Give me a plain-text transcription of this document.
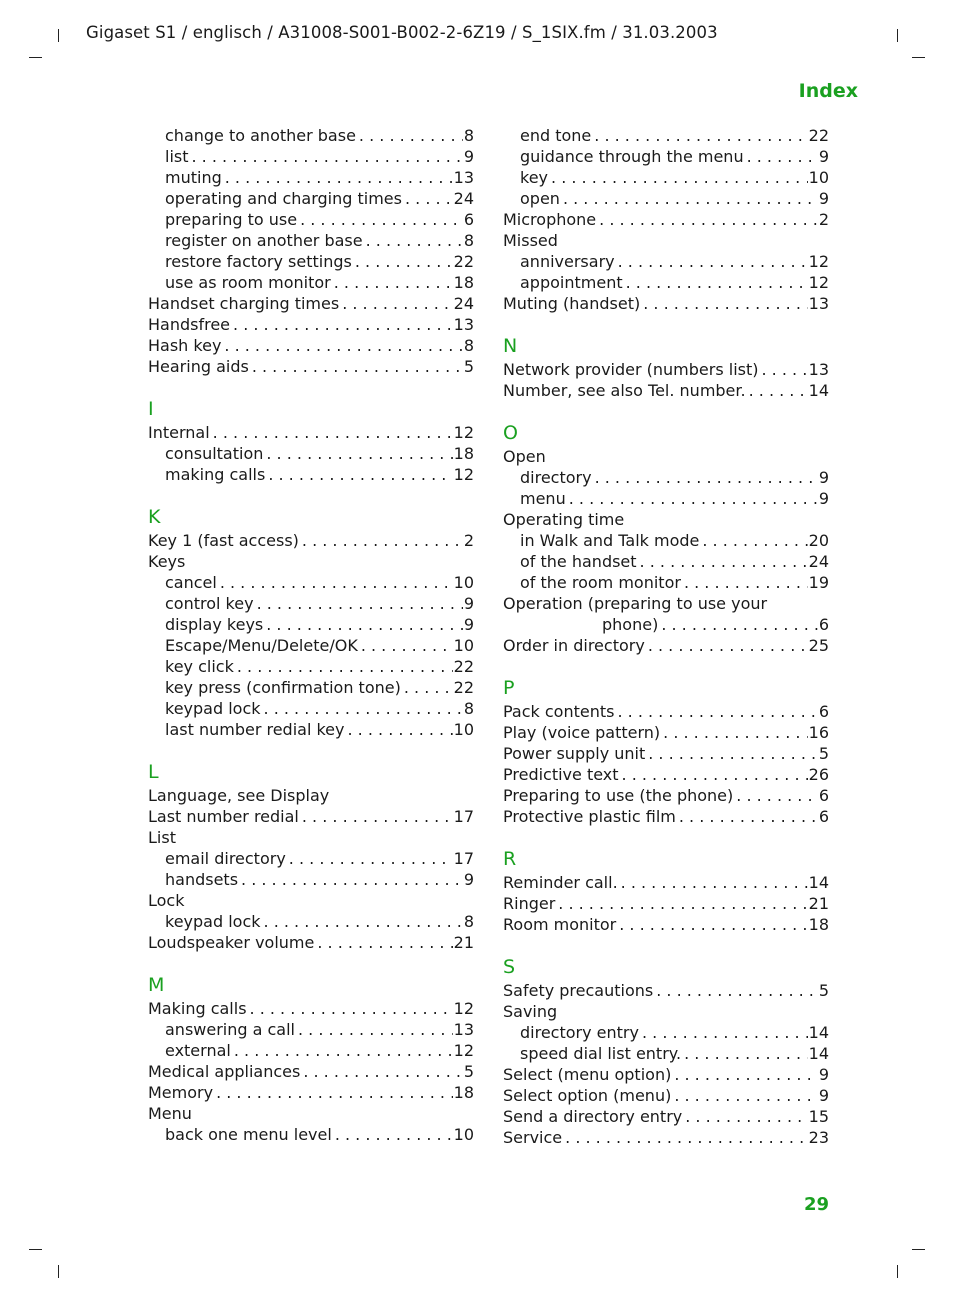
Gigaset S1 / englisch / A31008-S001-B002-2-6Z19 / S_1SIX.fm / 31.03.2003
Index
change to another base . . .	8
list . . .	9
muting . . .	13
operating and charging times . . .	24
preparing to use . . .	6
register on another base . . .	8
restore factory settings . . .	22
use as room monitor . . .	18
Handset charging times . . .	24
Handsfree . . .	13
Hash key . . .	8
Hearing aids . . .	5
I
Internal . . .	12
consultation . . .	18
making calls . . .	12
K
Key 1 (fast access) . . .	2
Keys
cancel . . .	10
control key . . .	9
display keys . . .	9
Escape/Menu/Delete/OK . . .	10
key click . . .	22
key press (confirmation tone) . . .	22
keypad lock . . .	8
last number redial key . . .	10
L
Language, see Display
Last number redial . . .	17
List
email directory . . .	17
handsets . . .	9
Lock
keypad lock . . .	8
Loudspeaker volume . . .	21
M
Making calls . . .	12
answering a call . . .	13
external . . .	12
Medical appliances . . .	5
Memory . . .	18
Menu
back one menu level . . .	10
end tone . . .	22
guidance through the menu . . .	9
key . . .	10
open . . .	9
Microphone . . .	2
Missed
anniversary . . .	12
appointment . . .	12
Muting (handset) . . .	13
N
Network provider (numbers list) . . .	13
Number, see also Tel. number. . . .	14
O
Open
directory . . .	9
menu . . .	9
Operating time
in Walk and Talk mode . . .	20
of the handset . . .	24
of the room monitor . . .	19
Operation (preparing to use your
phone) . . .	6
Order in directory . . .	25
P
Pack contents . . .	6
Play (voice pattern) . . .	16
Power supply unit . . .	5
Predictive text . . .	26
Preparing to use (the phone) . . .	6
Protective plastic film . . .	6
R
Reminder call. . . .	14
Ringer . . .	21
Room monitor . . .	18
S
Safety precautions . . .	5
Saving
directory entry . . .	14
speed dial list entry. . . .	14
Select (menu option) . . .	9
Select option (menu) . . .	9
Send a directory entry . . .	15
Service . . .	23
29
